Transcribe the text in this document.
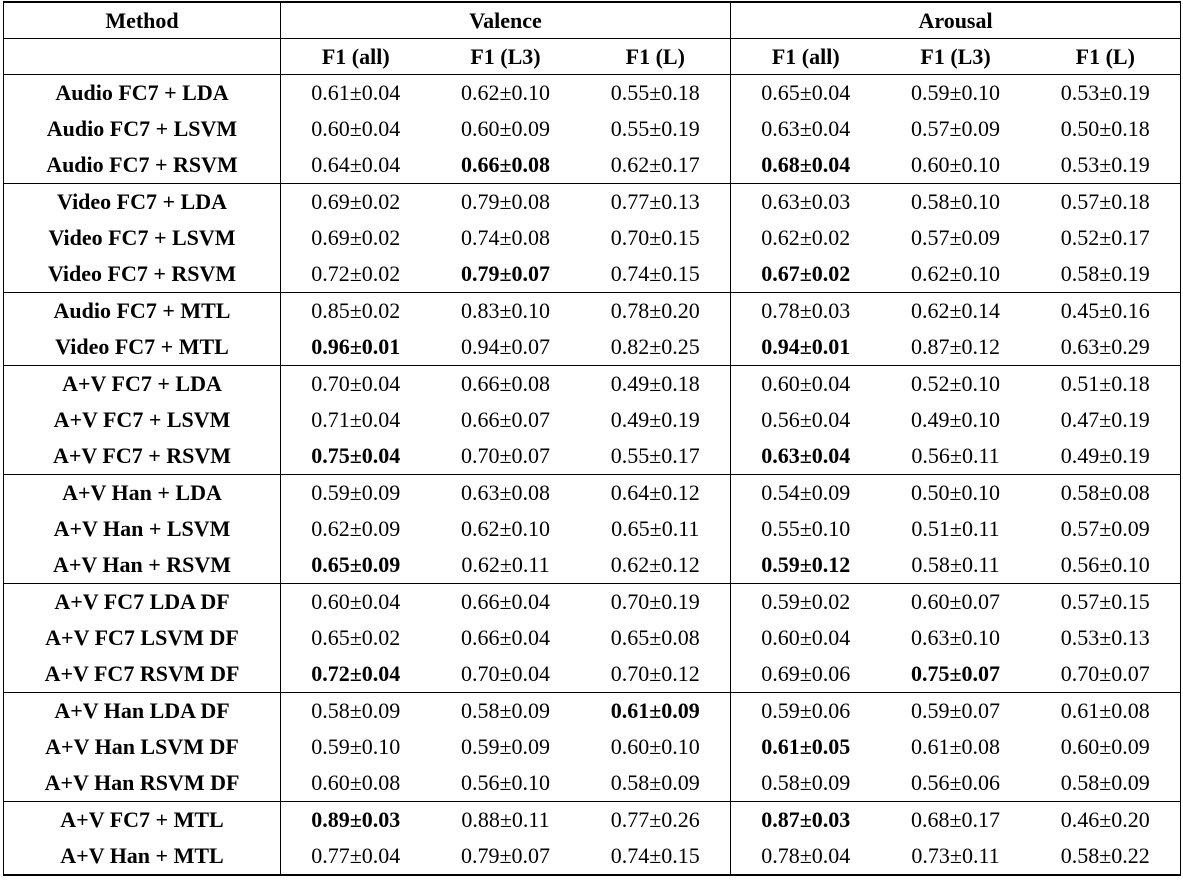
Method	Valence			Arousal		
	F1 (all)	F1 (L3)	F1 (L)	F1 (all)	F1 (L3)	F1 (L)
Audio FC7 + LDA	0.61±0.04	0.62±0.10	0.55±0.18	0.65±0.04	0.59±0.10	0.53±0.19
Audio FC7 + LSVM	0.60±0.04	0.60±0.09	0.55±0.19	0.63±0.04	0.57±0.09	0.50±0.18
Audio FC7 + RSVM	0.64±0.04	0.66±0.08	0.62±0.17	0.68±0.04	0.60±0.10	0.53±0.19
Video FC7 + LDA	0.69±0.02	0.79±0.08	0.77±0.13	0.63±0.03	0.58±0.10	0.57±0.18
Video FC7 + LSVM	0.69±0.02	0.74±0.08	0.70±0.15	0.62±0.02	0.57±0.09	0.52±0.17
Video FC7 + RSVM	0.72±0.02	0.79±0.07	0.74±0.15	0.67±0.02	0.62±0.10	0.58±0.19
Audio FC7 + MTL	0.85±0.02	0.83±0.10	0.78±0.20	0.78±0.03	0.62±0.14	0.45±0.16
Video FC7 + MTL	0.96±0.01	0.94±0.07	0.82±0.25	0.94±0.01	0.87±0.12	0.63±0.29
A+V FC7 + LDA	0.70±0.04	0.66±0.08	0.49±0.18	0.60±0.04	0.52±0.10	0.51±0.18
A+V FC7 + LSVM	0.71±0.04	0.66±0.07	0.49±0.19	0.56±0.04	0.49±0.10	0.47±0.19
A+V FC7 + RSVM	0.75±0.04	0.70±0.07	0.55±0.17	0.63±0.04	0.56±0.11	0.49±0.19
A+V Han + LDA	0.59±0.09	0.63±0.08	0.64±0.12	0.54±0.09	0.50±0.10	0.58±0.08
A+V Han + LSVM	0.62±0.09	0.62±0.10	0.65±0.11	0.55±0.10	0.51±0.11	0.57±0.09
A+V Han + RSVM	0.65±0.09	0.62±0.11	0.62±0.12	0.59±0.12	0.58±0.11	0.56±0.10
A+V FC7 LDA DF	0.60±0.04	0.66±0.04	0.70±0.19	0.59±0.02	0.60±0.07	0.57±0.15
A+V FC7 LSVM DF	0.65±0.02	0.66±0.04	0.65±0.08	0.60±0.04	0.63±0.10	0.53±0.13
A+V FC7 RSVM DF	0.72±0.04	0.70±0.04	0.70±0.12	0.69±0.06	0.75±0.07	0.70±0.07
A+V Han LDA DF	0.58±0.09	0.58±0.09	0.61±0.09	0.59±0.06	0.59±0.07	0.61±0.08
A+V Han LSVM DF	0.59±0.10	0.59±0.09	0.60±0.10	0.61±0.05	0.61±0.08	0.60±0.09
A+V Han RSVM DF	0.60±0.08	0.56±0.10	0.58±0.09	0.58±0.09	0.56±0.06	0.58±0.09
A+V FC7 + MTL	0.89±0.03	0.88±0.11	0.77±0.26	0.87±0.03	0.68±0.17	0.46±0.20
A+V Han + MTL	0.77±0.04	0.79±0.07	0.74±0.15	0.78±0.04	0.73±0.11	0.58±0.22
